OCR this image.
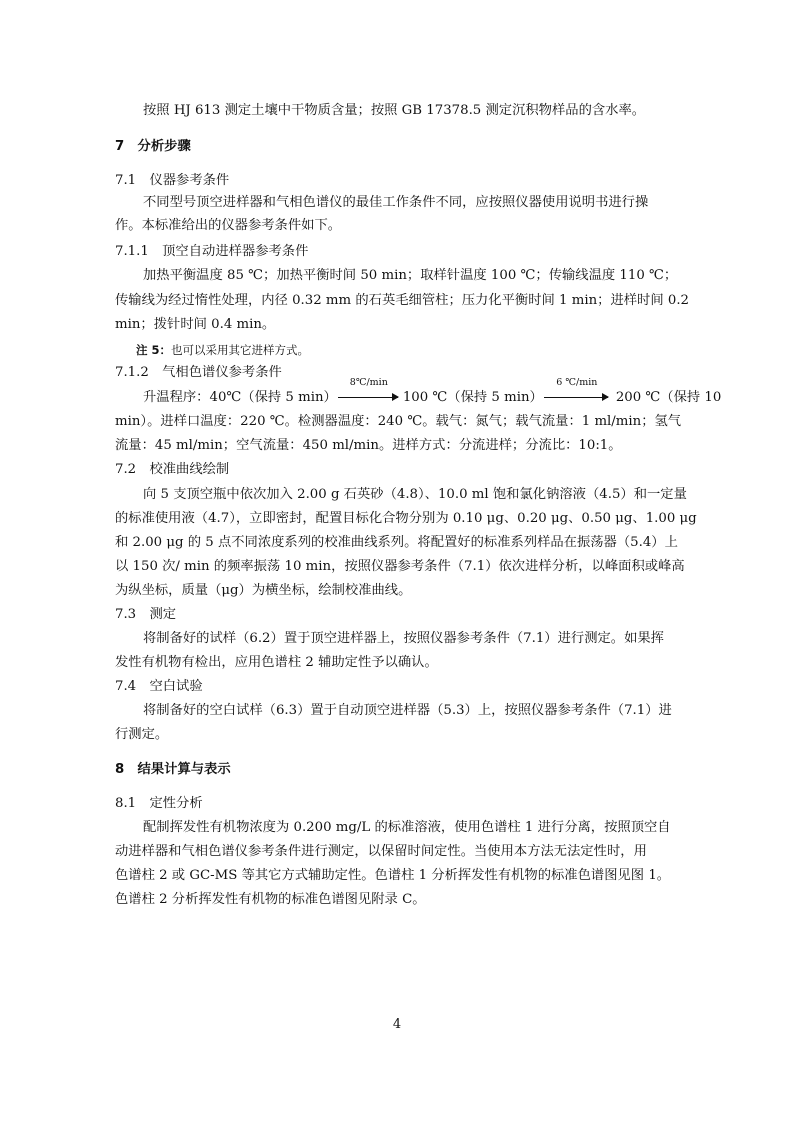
按照 HJ 613 测定土壤中干物质含量；按照 GB 17378.5 测定沉积物样品的含水率。
7　分析步骤
7.1　仪器参考条件
不同型号顶空进样器和气相色谱仪的最佳工作条件不同，应按照仪器使用说明书进行操
作。本标准给出的仪器参考条件如下。
7.1.1　顶空自动进样器参考条件
加热平衡温度 85 ℃；加热平衡时间 50 min；取样针温度 100 ℃；传输线温度 110 ℃；
传输线为经过惰性处理，内径 0.32 mm 的石英毛细管柱；压力化平衡时间 1 min；进样时间 0.2
min；拨针时间 0.4 min。
注 5：也可以采用其它进样方式。
7.1.2　气相色谱仪参考条件
升温程序：40℃（保持 5 min）
8℃/min
100 ℃（保持 5 min）
6 ℃/min
200 ℃（保持 10
min）。进样口温度：220 ℃。检测器温度：240 ℃。载气：氮气；载气流量：1 ml/min；氢气
流量：45 ml/min；空气流量：450 ml/min。进样方式：分流进样；分流比：10:1。
7.2　校准曲线绘制
向 5 支顶空瓶中依次加入 2.00 g 石英砂（4.8）、10.0 ml 饱和氯化钠溶液（4.5）和一定量
的标准使用液（4.7），立即密封，配置目标化合物分别为 0.10 μg、0.20 μg、0.50 μg、1.00 μg
和 2.00 μg 的 5 点不同浓度系列的校准曲线系列。将配置好的标准系列样品在振荡器（5.4）上
以 150 次/ min 的频率振荡 10 min，按照仪器参考条件（7.1）依次进样分析，以峰面积或峰高
为纵坐标，质量（μg）为横坐标，绘制校准曲线。
7.3　测定
将制备好的试样（6.2）置于顶空进样器上，按照仪器参考条件（7.1）进行测定。如果挥
发性有机物有检出，应用色谱柱 2 辅助定性予以确认。
7.4　空白试验
将制备好的空白试样（6.3）置于自动顶空进样器（5.3）上，按照仪器参考条件（7.1）进
行测定。
8　结果计算与表示
8.1　定性分析
配制挥发性有机物浓度为 0.200 mg/L 的标准溶液，使用色谱柱 1 进行分离，按照顶空自
动进样器和气相色谱仪参考条件进行测定，以保留时间定性。当使用本方法无法定性时，用
色谱柱 2 或 GC-MS 等其它方式辅助定性。色谱柱 1 分析挥发性有机物的标准色谱图见图 1。
色谱柱 2 分析挥发性有机物的标准色谱图见附录 C。
4
